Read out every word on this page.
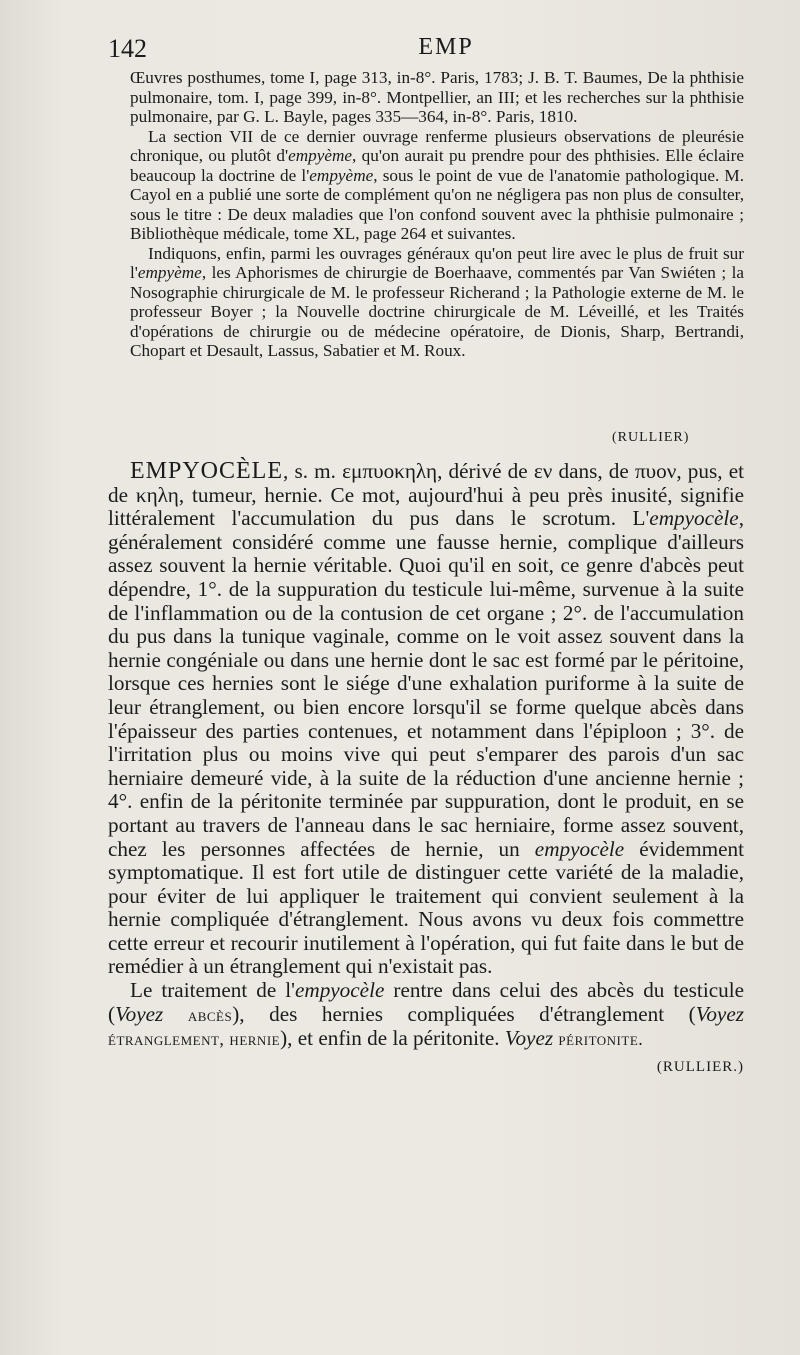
142	EMP

Œuvres posthumes, tome I, page 313, in-8°. Paris, 1783; J. B. T. Baumes, De la phthisie pulmonaire, tom. I, page 399, in-8°. Montpellier, an III; et les recherches sur la phthisie pulmonaire, par G. L. Bayle, pages 335—364, in-8°. Paris, 1810.

La section VII de ce dernier ouvrage renferme plusieurs observations de pleurésie chronique, ou plutôt d'empyème, qu'on aurait pu prendre pour des phthisies. Elle éclaire beaucoup la doctrine de l'empyème, sous le point de vue de l'anatomie pathologique. M. Cayol en a publié une sorte de complément qu'on ne négligera pas non plus de consulter, sous le titre : De deux maladies que l'on confond souvent avec la phthisie pulmonaire ; Bibliothèque médicale, tome XL, page 264 et suivantes.

Indiquons, enfin, parmi les ouvrages généraux qu'on peut lire avec le plus de fruit sur l'empyème, les Aphorismes de chirurgie de Boerhaave, commentés par Van Swiéten ; la Nosographie chirurgicale de M. le professeur Richerand ; la Pathologie externe de M. le professeur Boyer ; la Nouvelle doctrine chirurgicale de M. Léveillé, et les Traités d'opérations de chirurgie ou de médecine opératoire, de Dionis, Sharp, Bertrandi, Chopart et Desault, Lassus, Sabatier et M. Roux.

(RULLIER)

EMPYOCÈLE, s. m. εμπυοκηλη, dérivé de εν dans, de πυον, pus, et de κηλη, tumeur, hernie. Ce mot, aujourd'hui à peu près inusité, signifie littéralement l'accumulation du pus dans le scrotum. L'empyocèle, généralement considéré comme une fausse hernie, complique d'ailleurs assez souvent la hernie véritable. Quoi qu'il en soit, ce genre d'abcès peut dépendre, 1°. de la suppuration du testicule lui-même, survenue à la suite de l'inflammation ou de la contusion de cet organe ; 2°. de l'accumulation du pus dans la tunique vaginale, comme on le voit assez souvent dans la hernie congéniale ou dans une hernie dont le sac est formé par le péritoine, lorsque ces hernies sont le siége d'une exhalation puriforme à la suite de leur étranglement, ou bien encore lorsqu'il se forme quelque abcès dans l'épaisseur des parties contenues, et notamment dans l'épiploon ; 3°. de l'irritation plus ou moins vive qui peut s'emparer des parois d'un sac herniaire demeuré vide, à la suite de la réduction d'une ancienne hernie ; 4°. enfin de la péritonite terminée par suppuration, dont le produit, en se portant au travers de l'anneau dans le sac herniaire, forme assez souvent, chez les personnes affectées de hernie, un empyocèle évidemment symptomatique. Il est fort utile de distinguer cette variété de la maladie, pour éviter de lui appliquer le traitement qui convient seulement à la hernie compliquée d'étranglement. Nous avons vu deux fois commettre cette erreur et recourir inutilement à l'opération, qui fut faite dans le but de remédier à un étranglement qui n'existait pas.

Le traitement de l'empyocèle rentre dans celui des abcès du testicule (Voyez abcès), des hernies compliquées d'étranglement (Voyez étranglement, hernie), et enfin de la péritonite. Voyez péritonite.
(RULLIER.)
